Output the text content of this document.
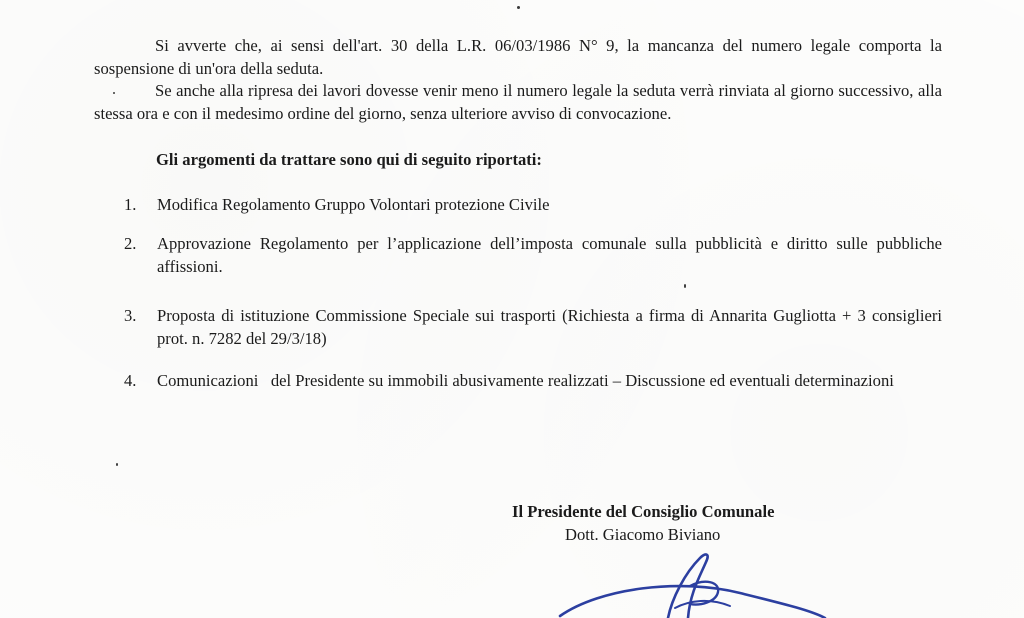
Si avverte che, ai sensi dell'art. 30 della L.R. 06/03/1986 N° 9, la mancanza del numero legale comporta la sospensione di un'ora della seduta.

Se anche alla ripresa dei lavori dovesse venir meno il numero legale la seduta verrà rinviata al giorno successivo, alla stessa ora e con il medesimo ordine del giorno, senza ulteriore avviso di convocazione.

Gli argomenti da trattare sono qui di seguito riportati:

1.	Modifica Regolamento Gruppo Volontari protezione Civile
2.	Approvazione Regolamento per l’applicazione dell’imposta comunale sulla pubblicità e diritto sulle pubbliche affissioni.
3.	Proposta di istituzione Commissione Speciale sui trasporti (Richiesta a firma di Annarita Gugliotta + 3 consiglieri prot. n. 7282 del 29/3/18)
4.	Comunicazioni del Presidente su immobili abusivamente realizzati – Discussione ed eventuali determinazioni
Il Presidente del Consiglio Comunale
Dott. Giacomo Biviano
